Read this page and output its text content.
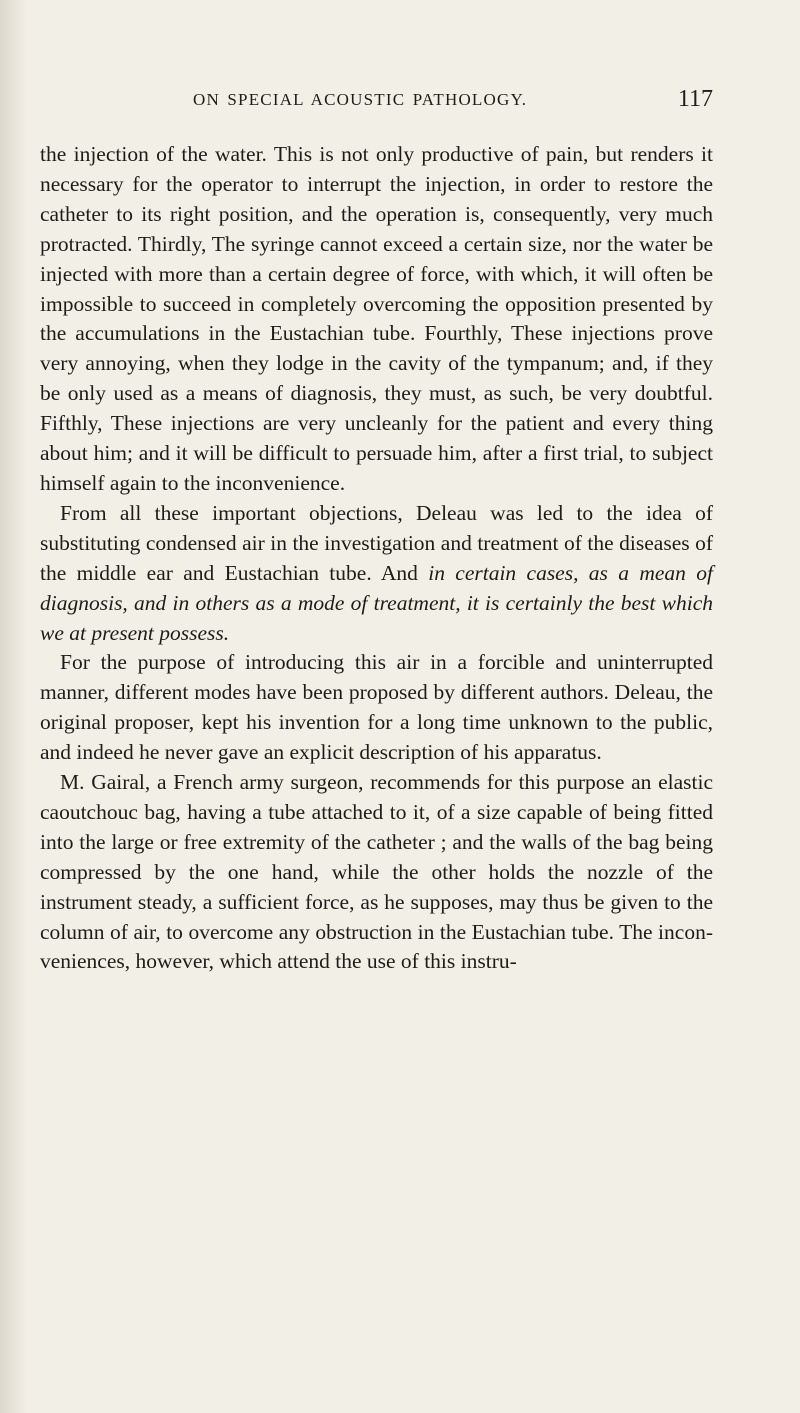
ON SPECIAL ACOUSTIC PATHOLOGY.	117

the injection of the water. This is not only productive of pain, but renders it necessary for the operator to interrupt the injection, in order to restore the catheter to its right position, and the operation is, consequently, very much protracted. Thirdly, The syringe cannot exceed a certain size, nor the water be injected with more than a certain degree of force, with which, it will often be impossible to succeed in completely overcoming the opposition presented by the accumulations in the Eustachian tube. Fourthly, These injections prove very annoying, when they lodge in the cavity of the tympanum; and, if they be only used as a means of diagnosis, they must, as such, be very doubtful. Fifthly, These injections are very uncleanly for the patient and every thing about him; and it will be difficult to persuade him, after a first trial, to subject himself again to the inconvenience.

From all these important objections, Deleau was led to the idea of substituting condensed air in the investigation and treatment of the diseases of the middle ear and Eustachian tube. And in certain cases, as a mean of diagnosis, and in others as a mode of treatment, it is certainly the best which we at present possess.

For the purpose of introducing this air in a forcible and uninterrupted manner, different modes have been proposed by different authors. Deleau, the original proposer, kept his invention for a long time unknown to the public, and indeed he never gave an explicit description of his apparatus.

M. Gairal, a French army surgeon, recommends for this purpose an elastic caoutchouc bag, having a tube attached to it, of a size capable of being fitted into the large or free extremity of the catheter ; and the walls of the bag being compressed by the one hand, while the other holds the nozzle of the instrument steady, a sufficient force, as he supposes, may thus be given to the column of air, to overcome any obstruction in the Eustachian tube. The inconveniences, however, which attend the use of this instru-
